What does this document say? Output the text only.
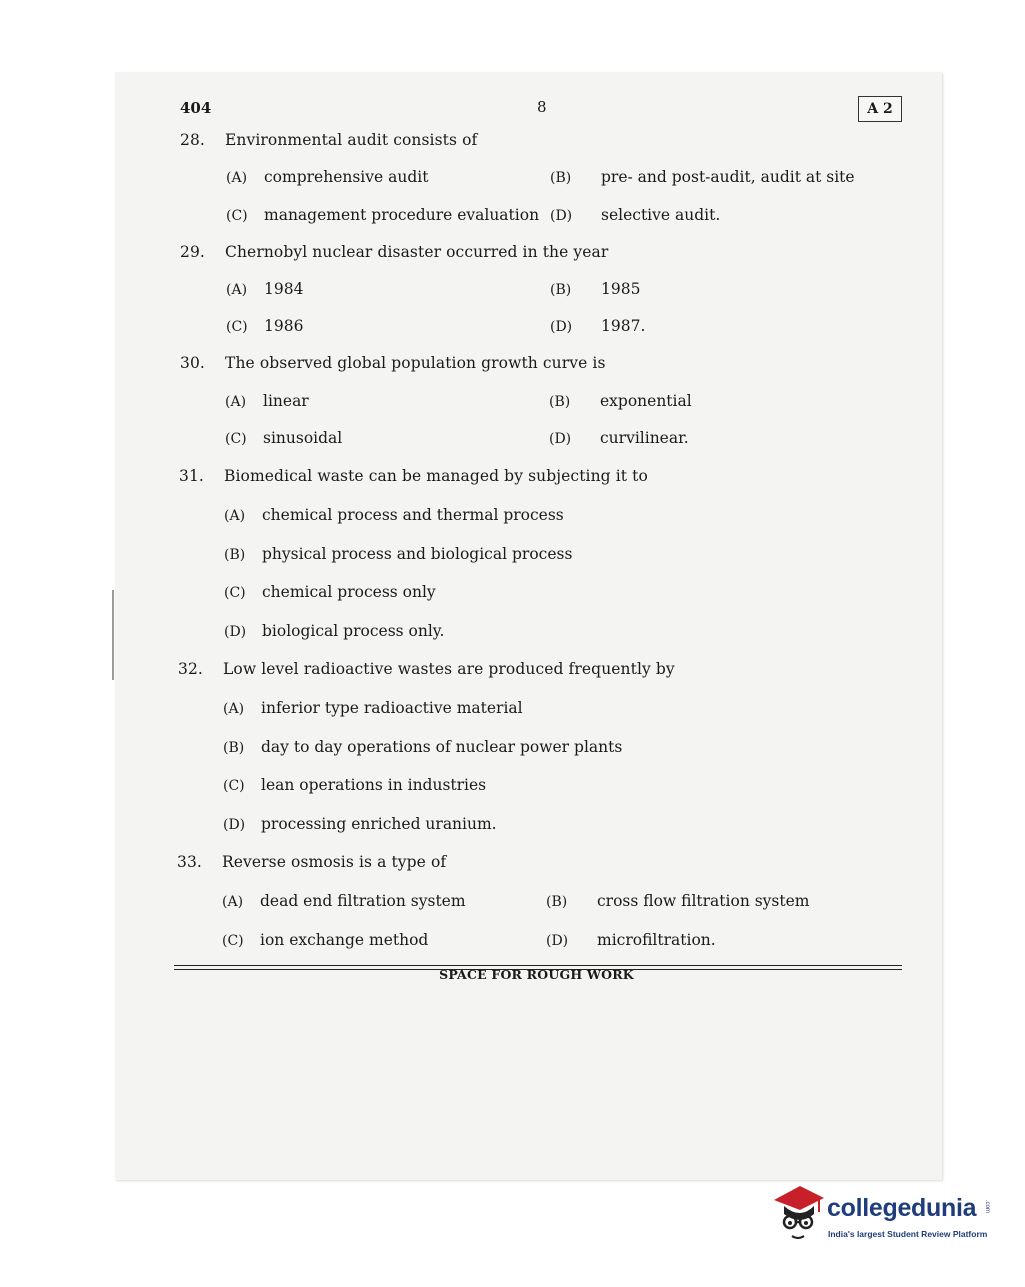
404	8	A 2
28. Environmental audit consists of
(A) comprehensive audit	(B) pre- and post-audit, audit at site
(C) management procedure evaluation (D) selective audit.
29. Chernobyl nuclear disaster occurred in the year
(A) 1984	(B) 1985
(C) 1986	(D) 1987.
30. The observed global population growth curve is
(A) linear	(B) exponential
(C) sinusoidal	(D) curvilinear.
31. Biomedical waste can be managed by subjecting it to
(A) chemical process and thermal process
(B) physical process and biological process
(C) chemical process only
(D) biological process only.
32. Low level radioactive wastes are produced frequently by
(A) inferior type radioactive material
(B) day to day operations of nuclear power plants
(C) lean operations in industries
(D) processing enriched uranium.
33. Reverse osmosis is a type of
(A) dead end filtration system	(B) cross flow filtration system
(C) ion exchange method	(D) microfiltration.
SPACE FOR ROUGH WORK
collegedunia .com
India's largest Student Review Platform
